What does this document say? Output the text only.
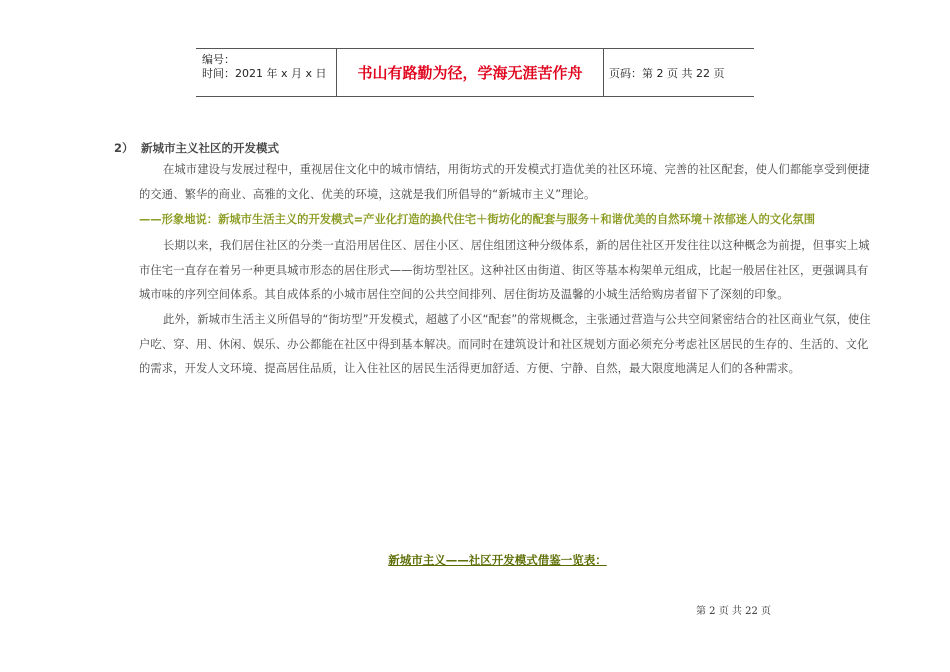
编号：
时间：2021 年 x 月 x 日	书山有路勤为径，学海无涯苦作舟	页码：第 2 页 共 22 页
2） 新城市主义社区的开发模式
在城市建设与发展过程中，重视居住文化中的城市情结，用街坊式的开发模式打造优美的社区环境、完善的社区配套，使人们都能享受到便捷的交通、繁华的商业、高雅的文化、优美的环境，这就是我们所倡导的“新城市主义”理论。
——形象地说：新城市生活主义的开发模式=产业化打造的换代住宅＋街坊化的配套与服务＋和谐优美的自然环境＋浓郁迷人的文化氛围
长期以来，我们居住社区的分类一直沿用居住区、居住小区、居住组团这种分级体系，新的居住社区开发往往以这种概念为前提，但事实上城市住宅一直存在着另一种更具城市形态的居住形式——街坊型社区。这种社区由街道、街区等基本构架单元组成，比起一般居住社区，更强调具有城市味的序列空间体系。其自成体系的小城市居住空间的公共空间排列、居住街坊及温馨的小城生活给购房者留下了深刻的印象。
此外，新城市生活主义所倡导的“街坊型”开发模式，超越了小区“配套”的常规概念，主张通过营造与公共空间紧密结合的社区商业气氛，使住户吃、穿、用、休闲、娱乐、办公都能在社区中得到基本解决。而同时在建筑设计和社区规划方面必须充分考虑社区居民的生存的、生活的、文化的需求，开发人文环境、提高居住品质，让入住社区的居民生活得更加舒适、方便、宁静、自然，最大限度地满足人们的各种需求。
新城市主义——社区开发模式借鉴一览表：
第 2 页 共 22 页
